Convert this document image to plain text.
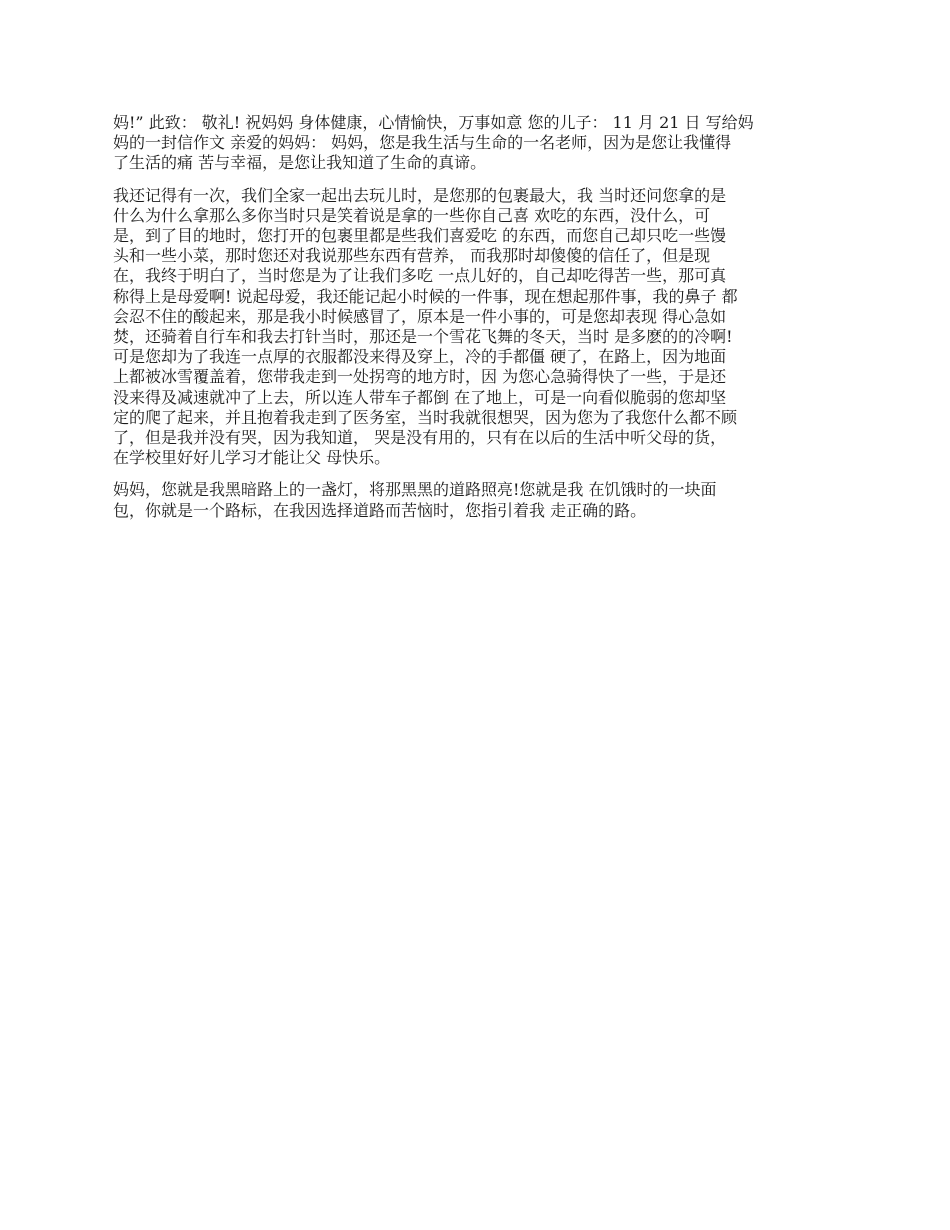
妈!” 此致： 敬礼! 祝妈妈 身体健康，心情愉快，万事如意 您的儿子： 11 月 21 日 写给妈
妈的一封信作文 亲爱的妈妈： 妈妈，您是我生活与生命的一名老师，因为是您让我懂得
了生活的痛 苦与幸福，是您让我知道了生命的真谛。

我还记得有一次，我们全家一起出去玩儿时，是您那的包裹最大，我 当时还问您拿的是
什么为什么拿那么多你当时只是笑着说是拿的一些你自己喜 欢吃的东西，没什么，可
是，到了目的地时，您打开的包裹里都是些我们喜爱吃 的东西，而您自己却只吃一些馒
头和一些小菜，那时您还对我说那些东西有营养， 而我那时却傻傻的信任了，但是现
在，我终于明白了，当时您是为了让我们多吃 一点儿好的，自己却吃得苦一些，那可真
称得上是母爱啊! 说起母爱，我还能记起小时候的一件事，现在想起那件事，我的鼻子 都
会忍不住的酸起来，那是我小时候感冒了，原本是一件小事的，可是您却表现 得心急如
焚，还骑着自行车和我去打针当时，那还是一个雪花飞舞的冬天，当时 是多麽的的冷啊!
可是您却为了我连一点厚的衣服都没来得及穿上，冷的手都僵 硬了，在路上，因为地面
上都被冰雪覆盖着，您带我走到一处拐弯的地方时，因 为您心急骑得快了一些，于是还
没来得及减速就冲了上去，所以连人带车子都倒 在了地上，可是一向看似脆弱的您却坚
定的爬了起来，并且抱着我走到了医务室，当时我就很想哭，因为您为了我您什么都不顾
了，但是我并没有哭，因为我知道， 哭是没有用的，只有在以后的生活中听父母的货，
在学校里好好儿学习才能让父 母快乐。

妈妈，您就是我黑暗路上的一盏灯，将那黑黑的道路照亮!您就是我 在饥饿时的一块面
包，你就是一个路标，在我因选择道路而苦恼时，您指引着我 走正确的路。
